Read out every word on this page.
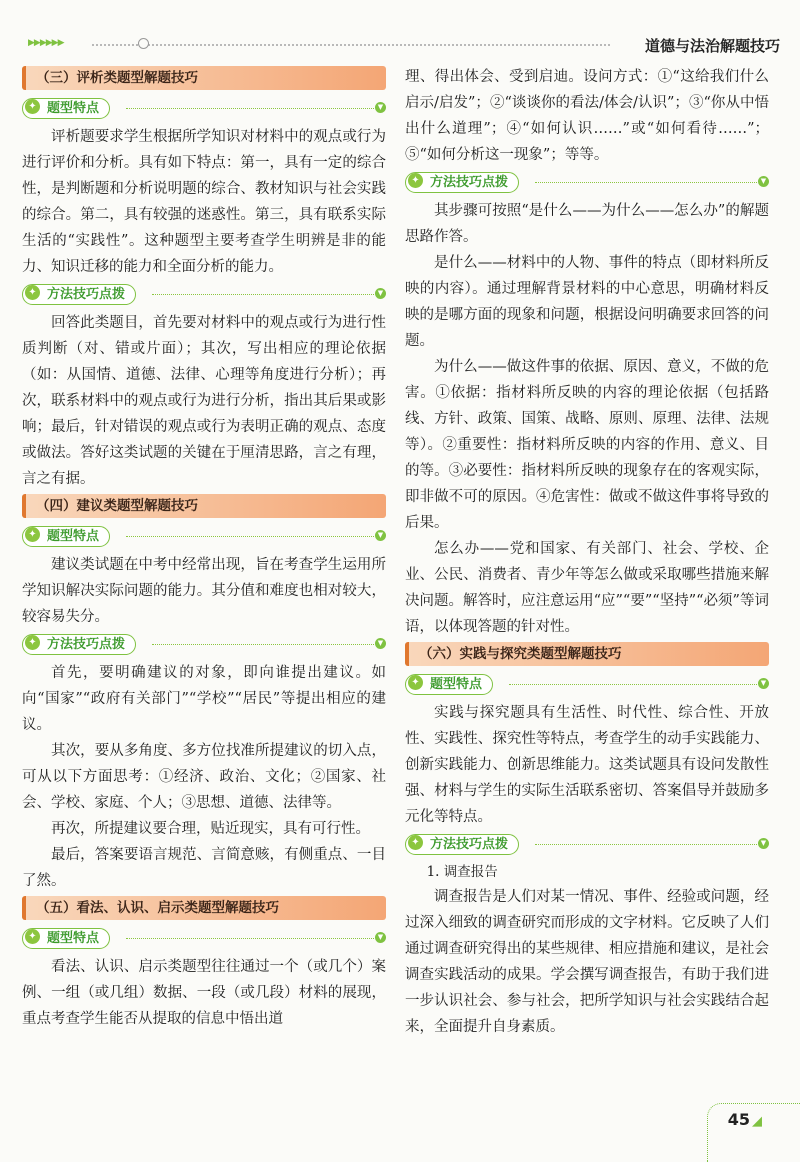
▶▶▶▶▶▶	道德与法治解题技巧
（三）评析类题型解题技巧
题型特点
✦	▼

评析题要求学生根据所学知识对材料中的观点或行为进行评价和分析。具有如下特点：第一，具有一定的综合性，是判断题和分析说明题的综合、教材知识与社会实践的综合。第二，具有较强的迷惑性。第三，具有联系实际生活的“实践性”。这种题型主要考查学生明辨是非的能力、知识迁移的能力和全面分析的能力。

方法技巧点拨
✦	▼

回答此类题目，首先要对材料中的观点或行为进行性质判断（对、错或片面）；其次，写出相应的理论依据（如：从国情、道德、法律、心理等角度进行分析）；再次，联系材料中的观点或行为进行分析，指出其后果或影响；最后，针对错误的观点或行为表明正确的观点、态度或做法。答好这类试题的关键在于厘清思路，言之有理，言之有据。

（四）建议类题型解题技巧
题型特点
✦	▼

建议类试题在中考中经常出现，旨在考查学生运用所学知识解决实际问题的能力。其分值和难度也相对较大，较容易失分。

方法技巧点拨
✦	▼

首先，要明确建议的对象，即向谁提出建议。如向“国家”“政府有关部门”“学校”“居民”等提出相应的建议。

其次，要从多角度、多方位找准所提建议的切入点，可从以下方面思考：①经济、政治、文化；②国家、社会、学校、家庭、个人；③思想、道德、法律等。

再次，所提建议要合理，贴近现实，具有可行性。

最后，答案要语言规范、言简意赅，有侧重点、一目了然。

（五）看法、认识、启示类题型解题技巧
题型特点
✦	▼

看法、认识、启示类题型往往通过一个（或几个）案例、一组（或几组）数据、一段（或几段）材料的展现，重点考查学生能否从提取的信息中悟出道

理、得出体会、受到启迪。设问方式：①“这给我们什么启示/启发”；②“谈谈你的看法/体会/认识”；③“你从中悟出什么道理”；④“如何认识……”或“如何看待……”；⑤“如何分析这一现象”；等等。

方法技巧点拨
✦	▼

其步骤可按照“是什么——为什么——怎么办”的解题思路作答。

是什么——材料中的人物、事件的特点（即材料所反映的内容）。通过理解背景材料的中心意思，明确材料反映的是哪方面的现象和问题，根据设问明确要求回答的问题。

为什么——做这件事的依据、原因、意义，不做的危害。①依据：指材料所反映的内容的理论依据（包括路线、方针、政策、国策、战略、原则、原理、法律、法规等）。②重要性：指材料所反映的内容的作用、意义、目的等。③必要性：指材料所反映的现象存在的客观实际，即非做不可的原因。④危害性：做或不做这件事将导致的后果。

怎么办——党和国家、有关部门、社会、学校、企业、公民、消费者、青少年等怎么做或采取哪些措施来解决问题。解答时，应注意运用“应”“要”“坚持”“必须”等词语，以体现答题的针对性。

（六）实践与探究类题型解题技巧
题型特点
✦	▼

实践与探究题具有生活性、时代性、综合性、开放性、实践性、探究性等特点，考查学生的动手实践能力、创新实践能力、创新思维能力。这类试题具有设问发散性强、材料与学生的实际生活联系密切、答案倡导并鼓励多元化等特点。

方法技巧点拨
✦	▼

1. 调查报告

调查报告是人们对某一情况、事件、经验或问题，经过深入细致的调查研究而形成的文字材料。它反映了人们通过调查研究得出的某些规律、相应措施和建议，是社会调查实践活动的成果。学会撰写调查报告，有助于我们进一步认识社会、参与社会，把所学知识与社会实践结合起来，全面提升自身素质。

45 ◢
